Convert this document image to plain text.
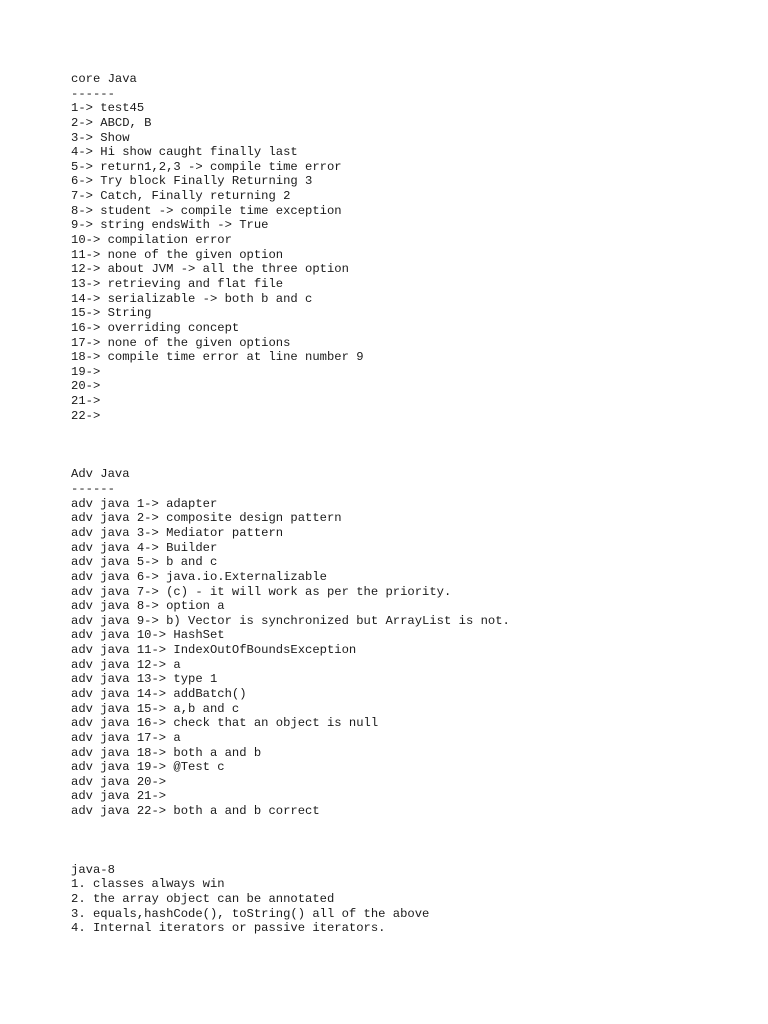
core Java
------
1-> test45
2-> ABCD, B
3-> Show
4-> Hi show caught finally last
5-> return1,2,3 -> compile time error
6-> Try block Finally Returning 3
7-> Catch, Finally returning 2
8-> student -> compile time exception
9-> string endsWith -> True
10-> compilation error
11-> none of the given option
12-> about JVM -> all the three option
13-> retrieving and flat file
14-> serializable -> both b and c
15-> String
16-> overriding concept
17-> none of the given options
18-> compile time error at line number 9
19->
20->
21->
22->
Adv Java
------
adv java 1-> adapter
adv java 2-> composite design pattern
adv java 3-> Mediator pattern
adv java 4-> Builder
adv java 5-> b and c
adv java 6-> java.io.Externalizable
adv java 7-> (c) - it will work as per the priority.
adv java 8-> option a
adv java 9-> b) Vector is synchronized but ArrayList is not.
adv java 10-> HashSet
adv java 11-> IndexOutOfBoundsException
adv java 12-> a
adv java 13-> type 1
adv java 14-> addBatch()
adv java 15-> a,b and c
adv java 16-> check that an object is null
adv java 17-> a
adv java 18-> both a and b
adv java 19-> @Test c
adv java 20->
adv java 21->
adv java 22-> both a and b correct
java-8
1. classes always win
2. the array object can be annotated
3. equals,hashCode(), toString() all of the above
4. Internal iterators or passive iterators.
